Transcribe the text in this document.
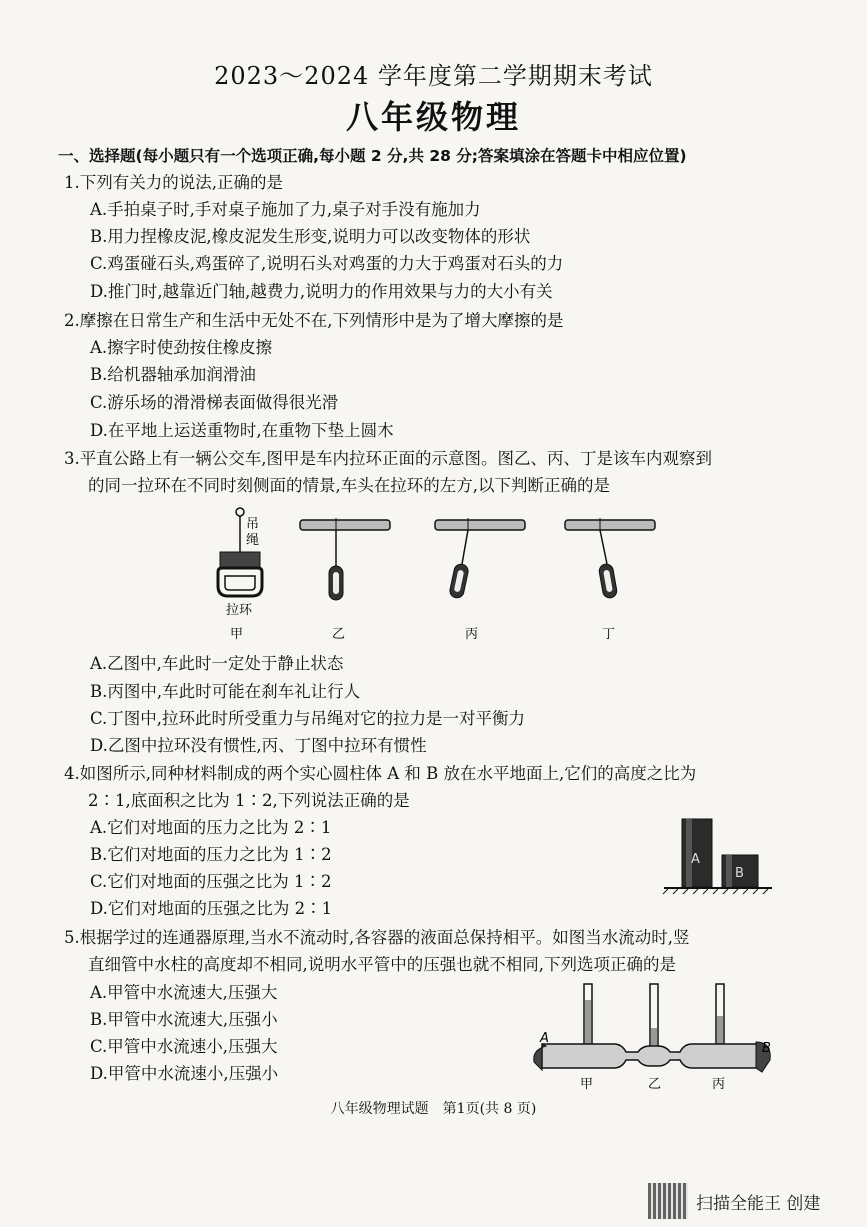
2023～2024 学年度第二学期期末考试
八年级物理
一、选择题(每小题只有一个选项正确,每小题 2 分,共 28 分;答案填涂在答题卡中相应位置)
1.下列有关力的说法,正确的是
A.手拍桌子时,手对桌子施加了力,桌子对手没有施加力
B.用力捏橡皮泥,橡皮泥发生形变,说明力可以改变物体的形状
C.鸡蛋碰石头,鸡蛋碎了,说明石头对鸡蛋的力大于鸡蛋对石头的力
D.推门时,越靠近门轴,越费力,说明力的作用效果与力的大小有关
2.摩擦在日常生产和生活中无处不在,下列情形中是为了增大摩擦的是
A.擦字时使劲按住橡皮擦
B.给机器轴承加润滑油
C.游乐场的滑滑梯表面做得很光滑
D.在平地上运送重物时,在重物下垫上圆木
3.平直公路上有一辆公交车,图甲是车内拉环正面的示意图。图乙、丙、丁是该车内观察到
的同一拉环在不同时刻侧面的情景,车头在拉环的左方,以下判断正确的是
吊
绳
拉环
甲	乙	丙	丁
A.乙图中,车此时一定处于静止状态
B.丙图中,车此时可能在刹车礼让行人
C.丁图中,拉环此时所受重力与吊绳对它的拉力是一对平衡力
D.乙图中拉环没有惯性,丙、丁图中拉环有惯性
4.如图所示,同种材料制成的两个实心圆柱体 A 和 B 放在水平地面上,它们的高度之比为
2∶1,底面积之比为 1∶2,下列说法正确的是
A.它们对地面的压力之比为 2∶1
B.它们对地面的压力之比为 1∶2
C.它们对地面的压强之比为 1∶2
D.它们对地面的压强之比为 2∶1
A
B
5.根据学过的连通器原理,当水不流动时,各容器的液面总保持相平。如图当水流动时,竖
直细管中水柱的高度却不相同,说明水平管中的压强也就不相同,下列选项正确的是
A.甲管中水流速大,压强大
B.甲管中水流速大,压强小
C.甲管中水流速小,压强大
D.甲管中水流速小,压强小
A
B
甲	乙	丙
八年级物理试题　第1页(共 8 页)
扫描全能王 创建
